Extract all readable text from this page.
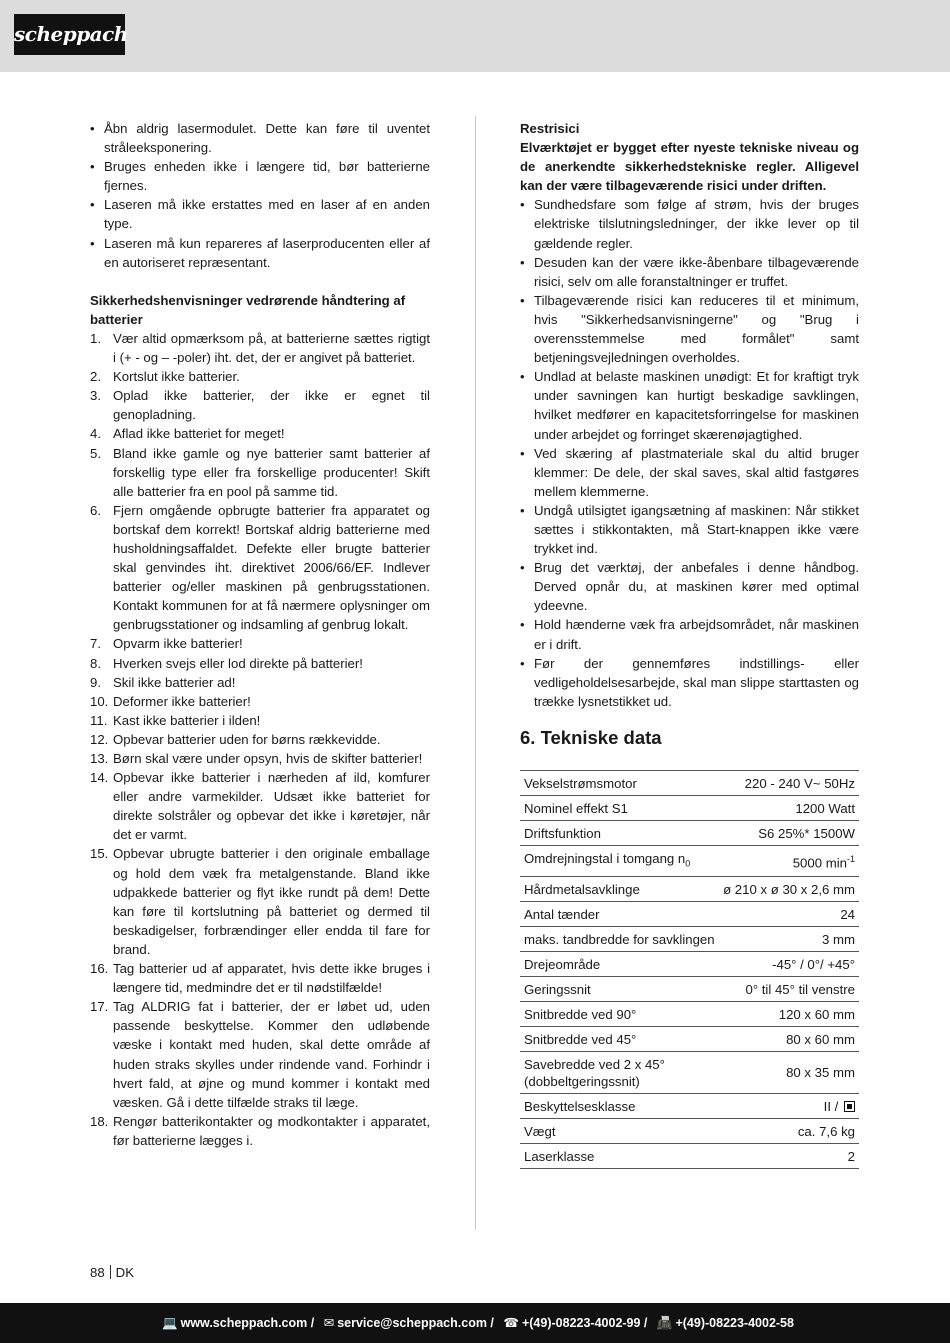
scheppach
• Åbn aldrig lasermodulet. Dette kan føre til uventet stråleeksponering.
• Bruges enheden ikke i længere tid, bør batterierne fjernes.
• Laseren må ikke erstattes med en laser af en anden type.
• Laseren må kun repareres af laserproducenten eller af en autoriseret repræsentant.

Sikkerhedshenvisninger vedrørende håndtering af batterier

1. Vær altid opmærksom på, at batterierne sættes rigtigt i (+ - og – -poler) iht. det, der er angivet på batteriet.
2. Kortslut ikke batterier.
3. Oplad ikke batterier, der ikke er egnet til genopladning.
4. Aflad ikke batteriet for meget!
5. Bland ikke gamle og nye batterier samt batterier af forskellig type eller fra forskellige producenter! Skift alle batterier fra en pool på samme tid.
6. Fjern omgående opbrugte batterier fra apparatet og bortskaf dem korrekt! Bortskaf aldrig batterierne med husholdningsaffaldet. Defekte eller brugte batterier skal genvindes iht. direktivet 2006/66/EF. Indlever batterier og/eller maskinen på genbrugsstationen. Kontakt kommunen for at få nærmere oplysninger om genbrugsstationer og indsamling af genbrug lokalt.
7. Opvarm ikke batterier!
8. Hverken svejs eller lod direkte på batterier!
9. Skil ikke batterier ad!
10. Deformer ikke batterier!
11. Kast ikke batterier i ilden!
12. Opbevar batterier uden for børns rækkevidde.
13. Børn skal være under opsyn, hvis de skifter batterier!
14. Opbevar ikke batterier i nærheden af ild, komfurer eller andre varmekilder. Udsæt ikke batteriet for direkte solstråler og opbevar det ikke i køretøjer, når det er varmt.
15. Opbevar ubrugte batterier i den originale emballage og hold dem væk fra metalgenstande. Bland ikke udpakkede batterier og flyt ikke rundt på dem! Dette kan føre til kortslutning på batteriet og dermed til beskadigelser, forbrændinger eller endda til fare for brand.
16. Tag batterier ud af apparatet, hvis dette ikke bruges i længere tid, medmindre det er til nødstilfælde!
17. Tag ALDRIG fat i batterier, der er løbet ud, uden passende beskyttelse. Kommer den udløbende væske i kontakt med huden, skal dette område af huden straks skylles under rindende vand. Forhindr i hvert fald, at øjne og mund kommer i kontakt med væsken. Gå i dette tilfælde straks til læge.
18. Rengør batterikontakter og modkontakter i apparatet, før batterierne lægges i.

Restrisici

Elværktøjet er bygget efter nyeste tekniske niveau og de anerkendte sikkerhedstekniske regler. Alligevel kan der være tilbageværende risici under driften.

• Sundhedsfare som følge af strøm, hvis der bruges elektriske tilslutningsledninger, der ikke lever op til gældende regler.
• Desuden kan der være ikke-åbenbare tilbageværende risici, selv om alle foranstaltninger er truffet.
• Tilbageværende risici kan reduceres til et minimum, hvis "Sikkerhedsanvisningerne" og "Brug i overensstemmelse med formålet" samt betjeningsvejledningen overholdes.
• Undlad at belaste maskinen unødigt: Et for kraftigt tryk under savningen kan hurtigt beskadige savklingen, hvilket medfører en kapacitetsforringelse for maskinen under arbejdet og forringet skærenøjagtighed.
• Ved skæring af plastmateriale skal du altid bruger klemmer: De dele, der skal saves, skal altid fastgøres mellem klemmerne.
• Undgå utilsigtet igangsætning af maskinen: Når stikket sættes i stikkontakten, må Start-knappen ikke være trykket ind.
• Brug det værktøj, der anbefales i denne håndbog. Derved opnår du, at maskinen kører med optimal ydeevne.
• Hold hænderne væk fra arbejdsområdet, når maskinen er i drift.
• Før der gennemføres indstillings- eller vedligeholdelsesarbejde, skal man slippe starttasten og trække lysnetstikket ud.
6. Tekniske data
Vekselstrømsmotor	220 - 240 V~ 50Hz
Nominel effekt S1	1200 Watt
Driftsfunktion	S6 25%* 1500W
Omdrejningstal i tomgang $n_0$	5000 $\min^{-1}$
Hårdmetalsavklinge	ø 210 x ø 30 x 2,6 mm
Antal tænder	24
maks. tandbredde for savklingen	3 mm
Drejeområde	-45° / 0°/ +45°
Geringssnit	0° til 45° til venstre
Snitbredde ved 90°	120 x 60 mm
Snitbredde ved 45°	80 x 60 mm
Savebredde ved 2 x 45° (dobbeltgeringssnit)	80 x 35 mm
Beskyttelsesklasse	II /
Vægt	ca. 7,6 kg
Laserklasse	2
88 DK
💻 www.scheppach.com / ✉ service@scheppach.com / ☎ +(49)-08223-4002-99 / 📠 +(49)-08223-4002-58
